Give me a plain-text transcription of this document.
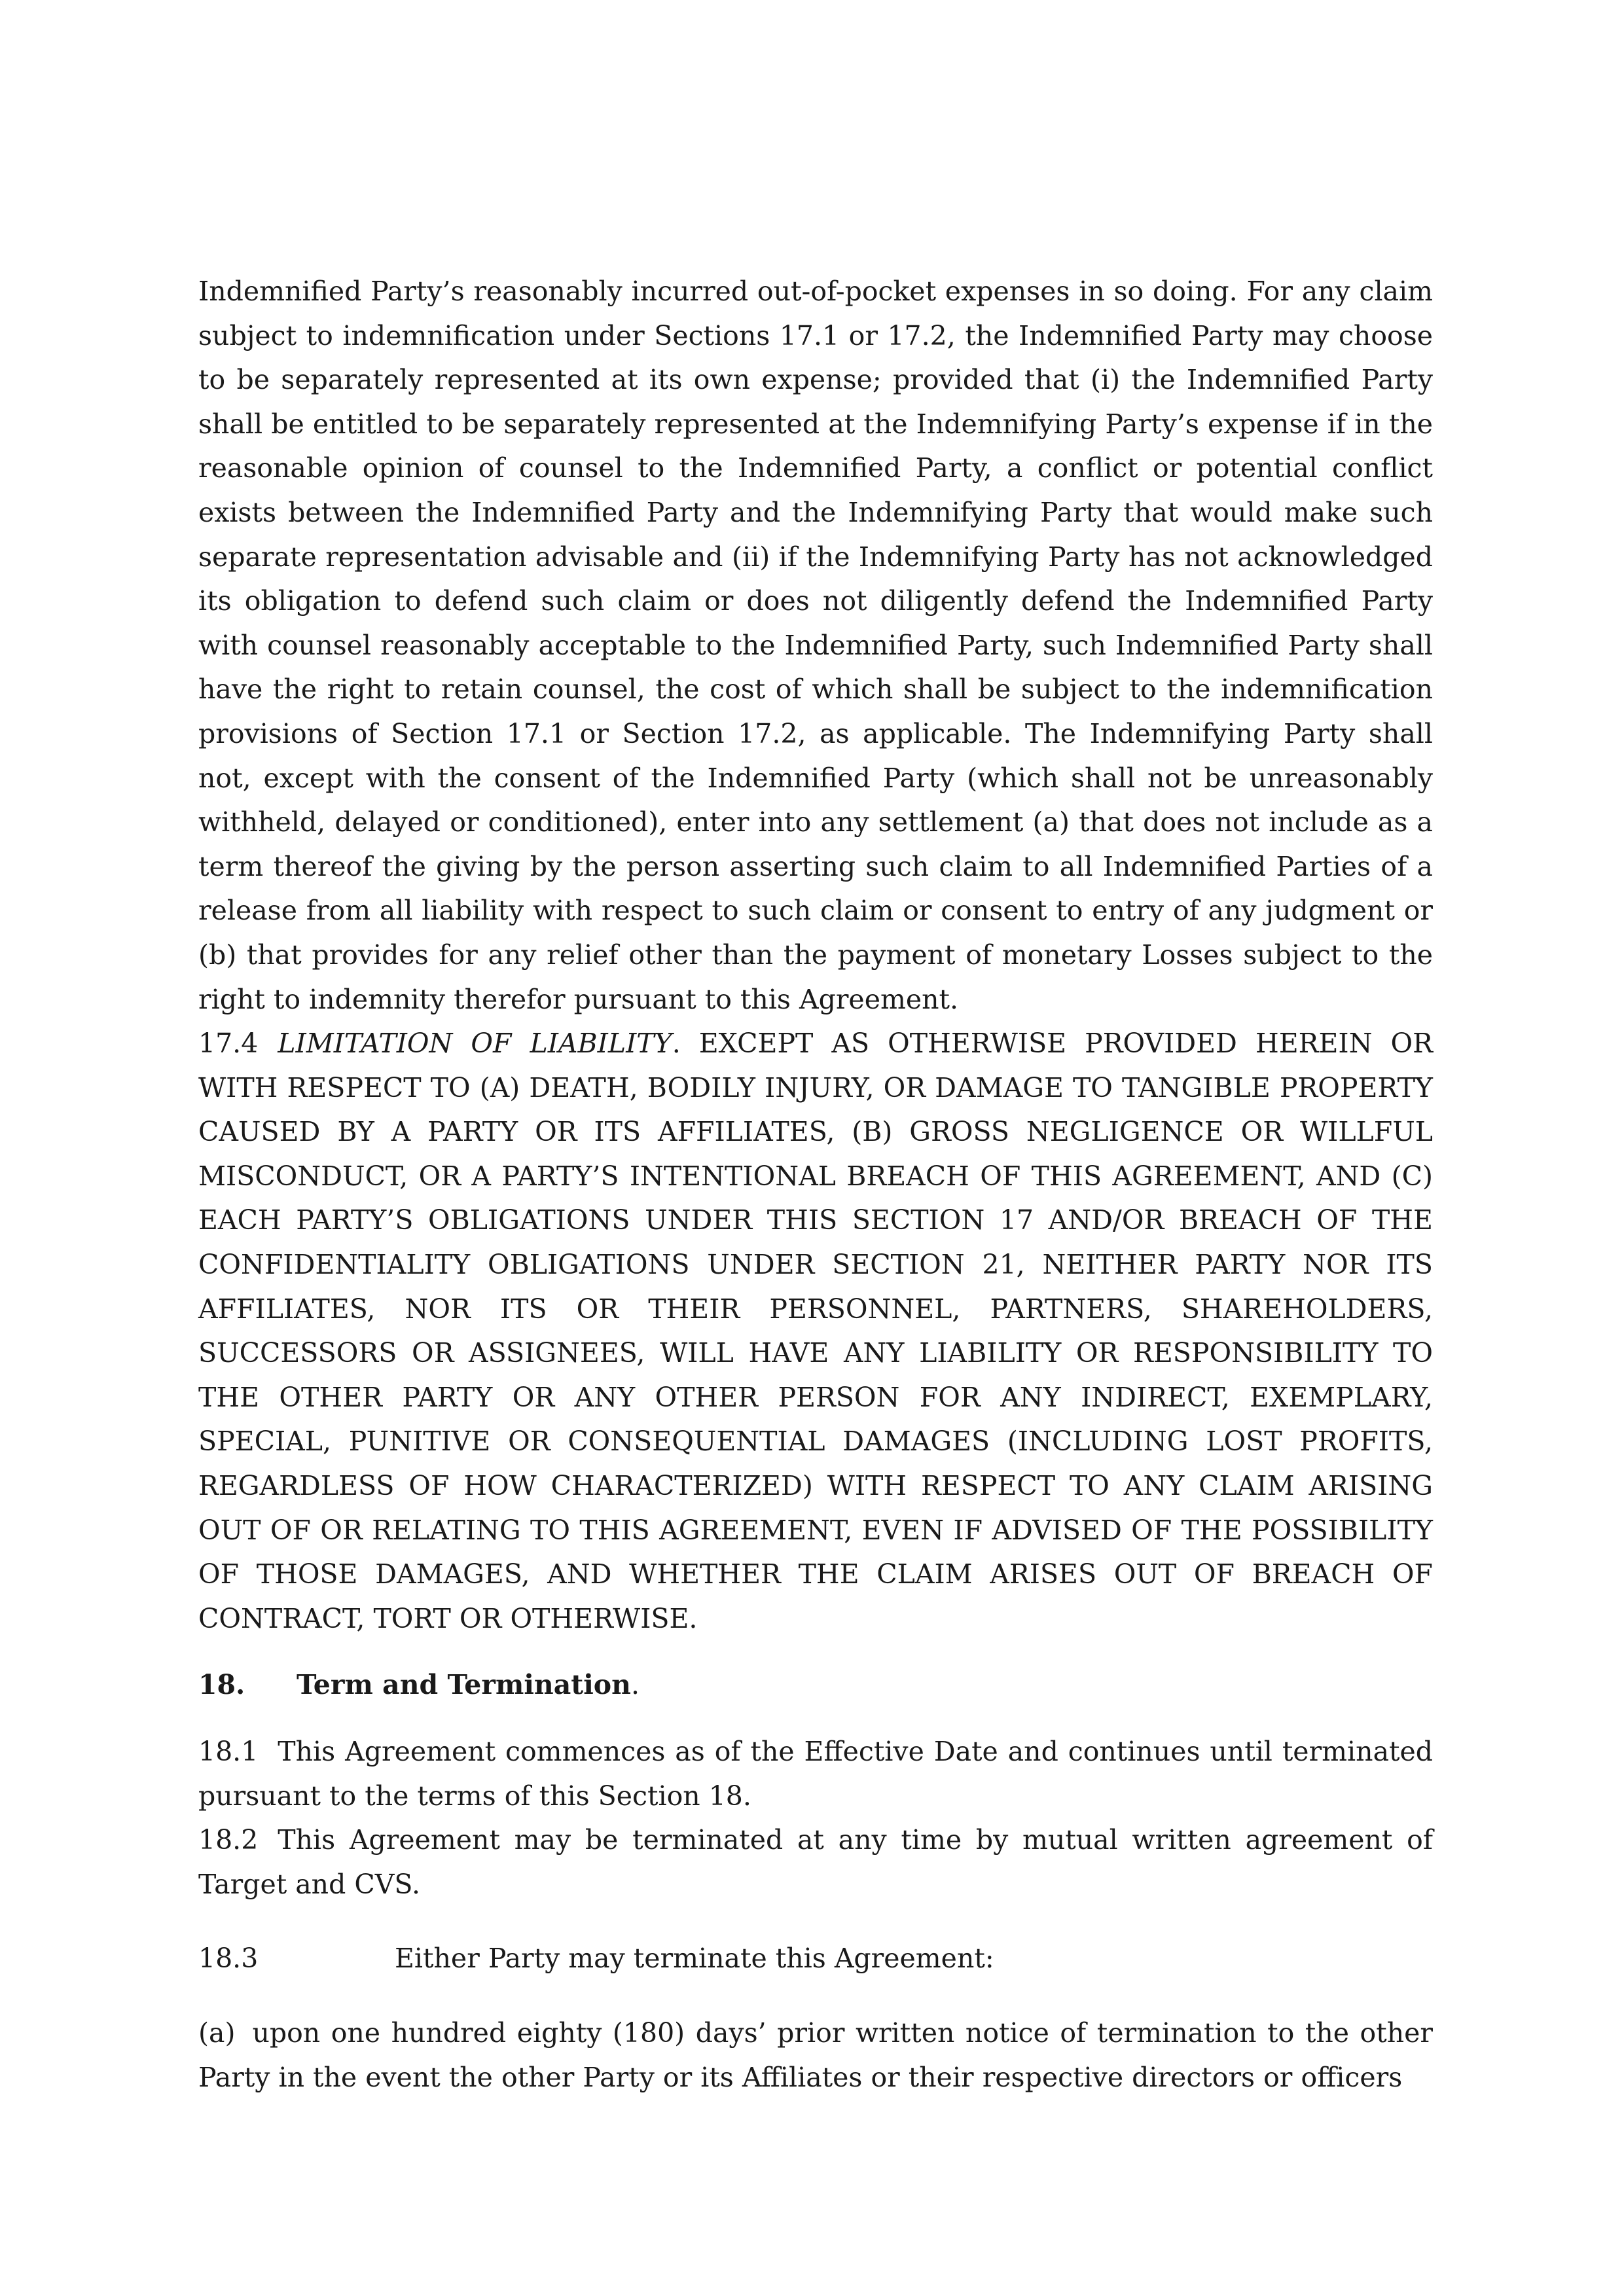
Indemnified Party’s reasonably incurred out-of-pocket expenses in so doing. For any claim subject to indemnification under Sections 17.1 or 17.2, the Indemnified Party may choose to be separately represented at its own expense; provided that (i) the Indemnified Party shall be entitled to be separately represented at the Indemnifying Party’s expense if in the reasonable opinion of counsel to the Indemnified Party, a conflict or potential conflict exists between the Indemnified Party and the Indemnifying Party that would make such separate representation advisable and (ii) if the Indemnifying Party has not acknowledged its obligation to defend such claim or does not diligently defend the Indemnified Party with counsel reasonably acceptable to the Indemnified Party, such Indemnified Party shall have the right to retain counsel, the cost of which shall be subject to the indemnification provisions of Section 17.1 or Section 17.2, as applicable. The Indemnifying Party shall not, except with the consent of the Indemnified Party (which shall not be unreasonably withheld, delayed or conditioned), enter into any settlement (a) that does not include as a term thereof the giving by the person asserting such claim to all Indemnified Parties of a release from all liability with respect to such claim or consent to entry of any judgment or (b) that provides for any relief other than the payment of monetary Losses subject to the right to indemnity therefor pursuant to this Agreement.

17.4 LIMITATION OF LIABILITY. EXCEPT AS OTHERWISE PROVIDED HEREIN OR WITH RESPECT TO (A) DEATH, BODILY INJURY, OR DAMAGE TO TANGIBLE PROPERTY CAUSED BY A PARTY OR ITS AFFILIATES, (B) GROSS NEGLIGENCE OR WILLFUL MISCONDUCT, OR A PARTY’S INTENTIONAL BREACH OF THIS AGREEMENT, AND (C) EACH PARTY’S OBLIGATIONS UNDER THIS SECTION 17 AND/OR BREACH OF THE CONFIDENTIALITY OBLIGATIONS UNDER SECTION 21, NEITHER PARTY NOR ITS AFFILIATES, NOR ITS OR THEIR PERSONNEL, PARTNERS, SHAREHOLDERS, SUCCESSORS OR ASSIGNEES, WILL HAVE ANY LIABILITY OR RESPONSIBILITY TO THE OTHER PARTY OR ANY OTHER PERSON FOR ANY INDIRECT, EXEMPLARY, SPECIAL, PUNITIVE OR CONSEQUENTIAL DAMAGES (INCLUDING LOST PROFITS, REGARDLESS OF HOW CHARACTERIZED) WITH RESPECT TO ANY CLAIM ARISING OUT OF OR RELATING TO THIS AGREEMENT, EVEN IF ADVISED OF THE POSSIBILITY OF THOSE DAMAGES, AND WHETHER THE CLAIM ARISES OUT OF BREACH OF CONTRACT, TORT OR OTHERWISE.

18. Term and Termination.

18.1 This Agreement commences as of the Effective Date and continues until terminated pursuant to the terms of this Section 18.

18.2 This Agreement may be terminated at any time by mutual written agreement of Target and CVS.

18.3	Either Party may terminate this Agreement:

(a) upon one hundred eighty (180) days’ prior written notice of termination to the other Party in the event the other Party or its Affiliates or their respective directors or officers
